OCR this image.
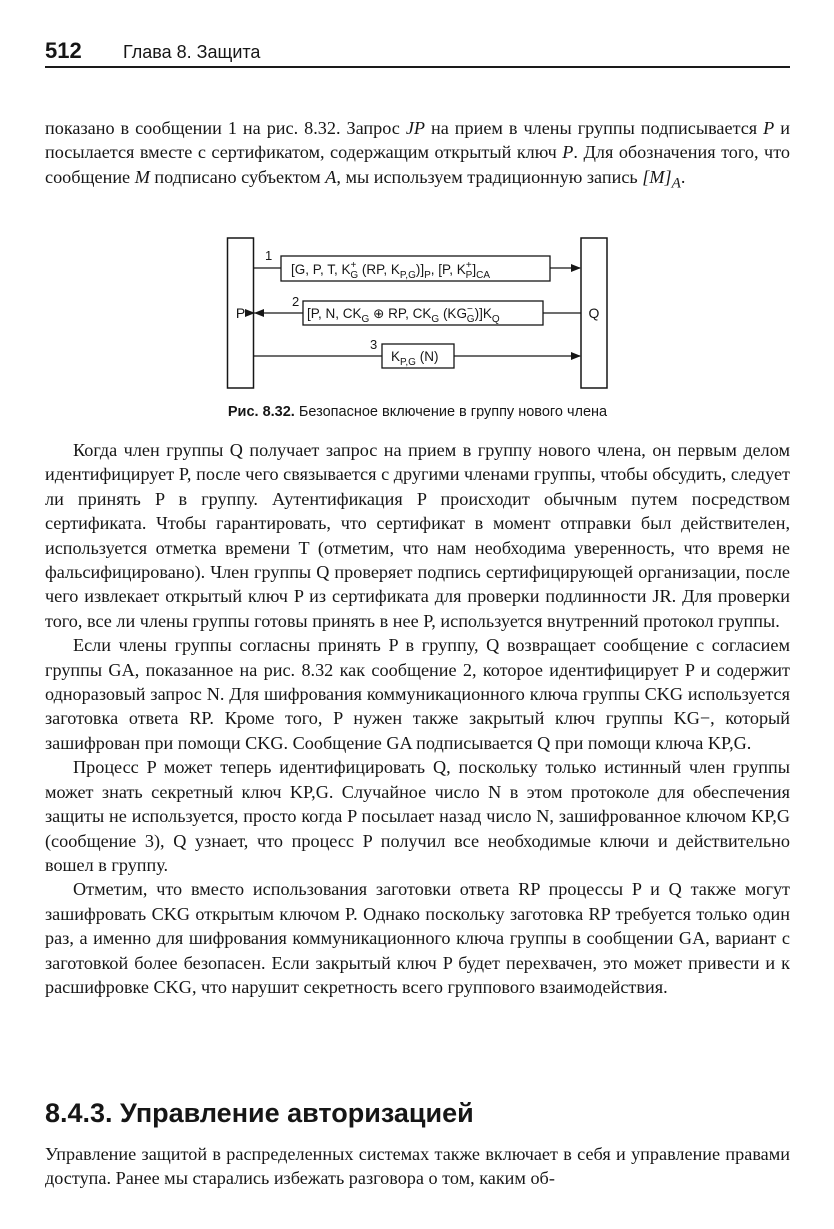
512 Глава 8. Защита

показано в сообщении 1 на рис. 8.32. Запрос JP на прием в члены группы подписывается P и посылается вместе с сертификатом, содержащим открытый ключ P. Для обозначения того, что сообщение M подписано субъектом A, мы используем традиционную запись $[M]_A$.

P	Q
1
[G, P, T, K+ G (RP, $K_{P,G})]_P$, [P, K+ $P]_{CA}$
2
[P, N, $CK_G$ ⊕ RP, $CK_G$ (KG− $G)]K_Q$
3
$K_{P,G}$ (N)
Рис. 8.32. Безопасное включение в группу нового члена

Когда член группы Q получает запрос на прием в группу нового члена, он первым делом идентифицирует P, после чего связывается с другими членами группы, чтобы обсудить, следует ли принять P в группу. Аутентификация P происходит обычным путем посредством сертификата. Чтобы гарантировать, что сертификат в момент отправки был действителен, используется отметка времени T (отметим, что нам необходима уверенность, что время не фальсифицировано). Член группы Q проверяет подпись сертифицирующей организации, после чего извлекает открытый ключ P из сертификата для проверки подлинности JR. Для проверки того, все ли члены группы готовы принять в нее P, используется внутренний протокол группы.

Если члены группы согласны принять P в группу, Q возвращает сообщение с согласием группы GA, показанное на рис. 8.32 как сообщение 2, которое идентифицирует P и содержит одноразовый запрос N. Для шифрования коммуникационного ключа группы CKG используется заготовка ответа RP. Кроме того, P нужен также закрытый ключ группы KG−, который зашифрован при помощи CKG. Сообщение GA подписывается Q при помощи ключа KP,G.

Процесс P может теперь идентифицировать Q, поскольку только истинный член группы может знать секретный ключ KP,G. Случайное число N в этом протоколе для обеспечения защиты не используется, просто когда P посылает назад число N, зашифрованное ключом KP,G (сообщение 3), Q узнает, что процесс P получил все необходимые ключи и действительно вошел в группу.

Отметим, что вместо использования заготовки ответа RP процессы P и Q также могут зашифровать CKG открытым ключом P. Однако поскольку заготовка RP требуется только один раз, а именно для шифрования коммуникационного ключа группы в сообщении GA, вариант с заготовкой более безопасен. Если закрытый ключ P будет перехвачен, это может привести и к расшифровке CKG, что нарушит секретность всего группового взаимодействия.

8.4.3. Управление авторизацией

Управление защитой в распределенных системах также включает в себя и управление правами доступа. Ранее мы старались избежать разговора о том, каким об-
